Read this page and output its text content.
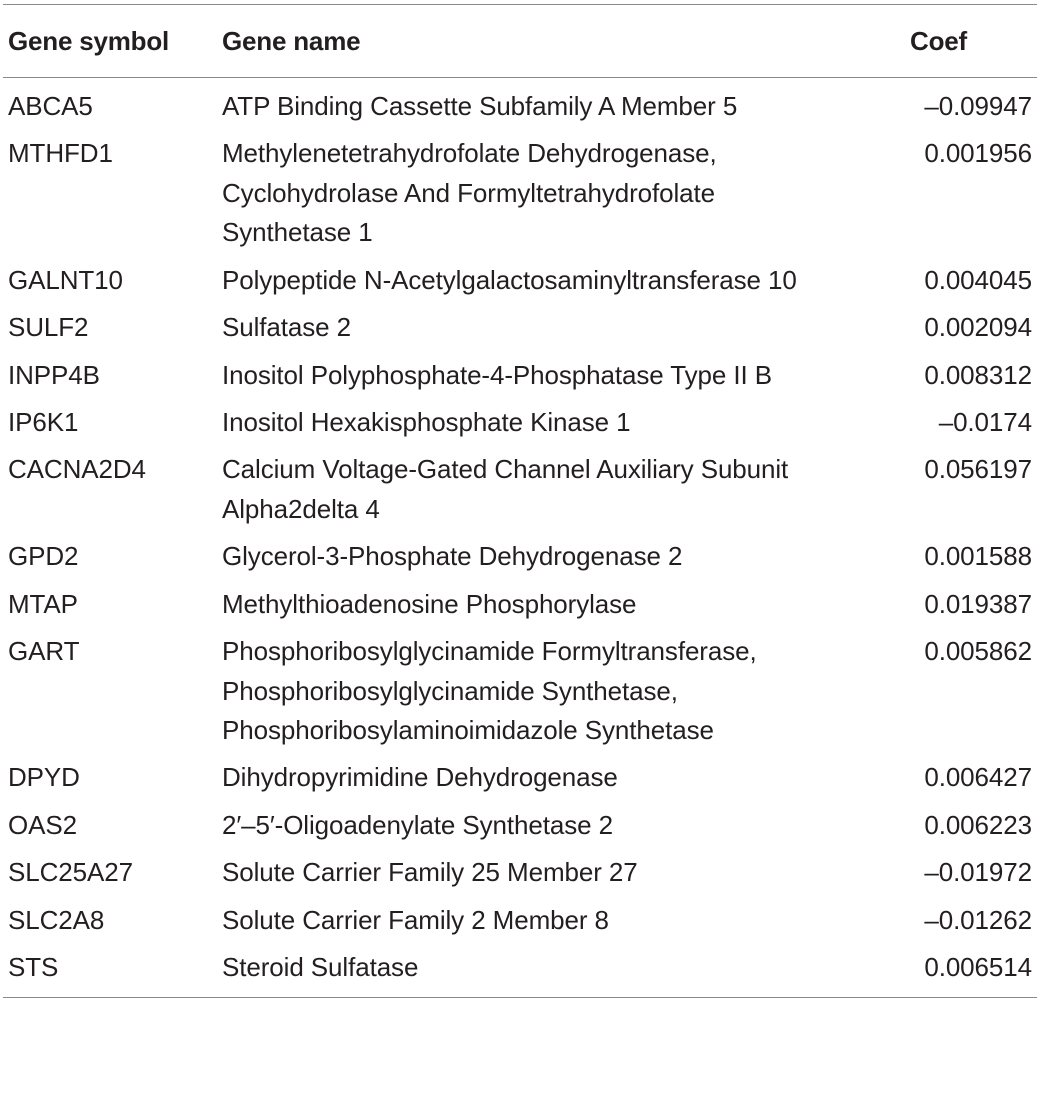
Gene symbol	Gene name	Coef
ABCA5	ATP Binding Cassette Subfamily A Member 5	–0.09947
MTHFD1	Methylenetetrahydrofolate Dehydrogenase, Cyclohydrolase And Formyltetrahydrofolate Synthetase 1	0.001956
GALNT10	Polypeptide N-Acetylgalactosaminyltransferase 10	0.004045
SULF2	Sulfatase 2	0.002094
INPP4B	Inositol Polyphosphate-4-Phosphatase Type II B	0.008312
IP6K1	Inositol Hexakisphosphate Kinase 1	–0.0174
CACNA2D4	Calcium Voltage-Gated Channel Auxiliary Subunit Alpha2delta 4	0.056197
GPD2	Glycerol-3-Phosphate Dehydrogenase 2	0.001588
MTAP	Methylthioadenosine Phosphorylase	0.019387
GART	Phosphoribosylglycinamide Formyltransferase, Phosphoribosylglycinamide Synthetase, Phosphoribosylaminoimidazole Synthetase	0.005862
DPYD	Dihydropyrimidine Dehydrogenase	0.006427
OAS2	2′–5′-Oligoadenylate Synthetase 2	0.006223
SLC25A27	Solute Carrier Family 25 Member 27	–0.01972
SLC2A8	Solute Carrier Family 2 Member 8	–0.01262
STS	Steroid Sulfatase	0.006514
